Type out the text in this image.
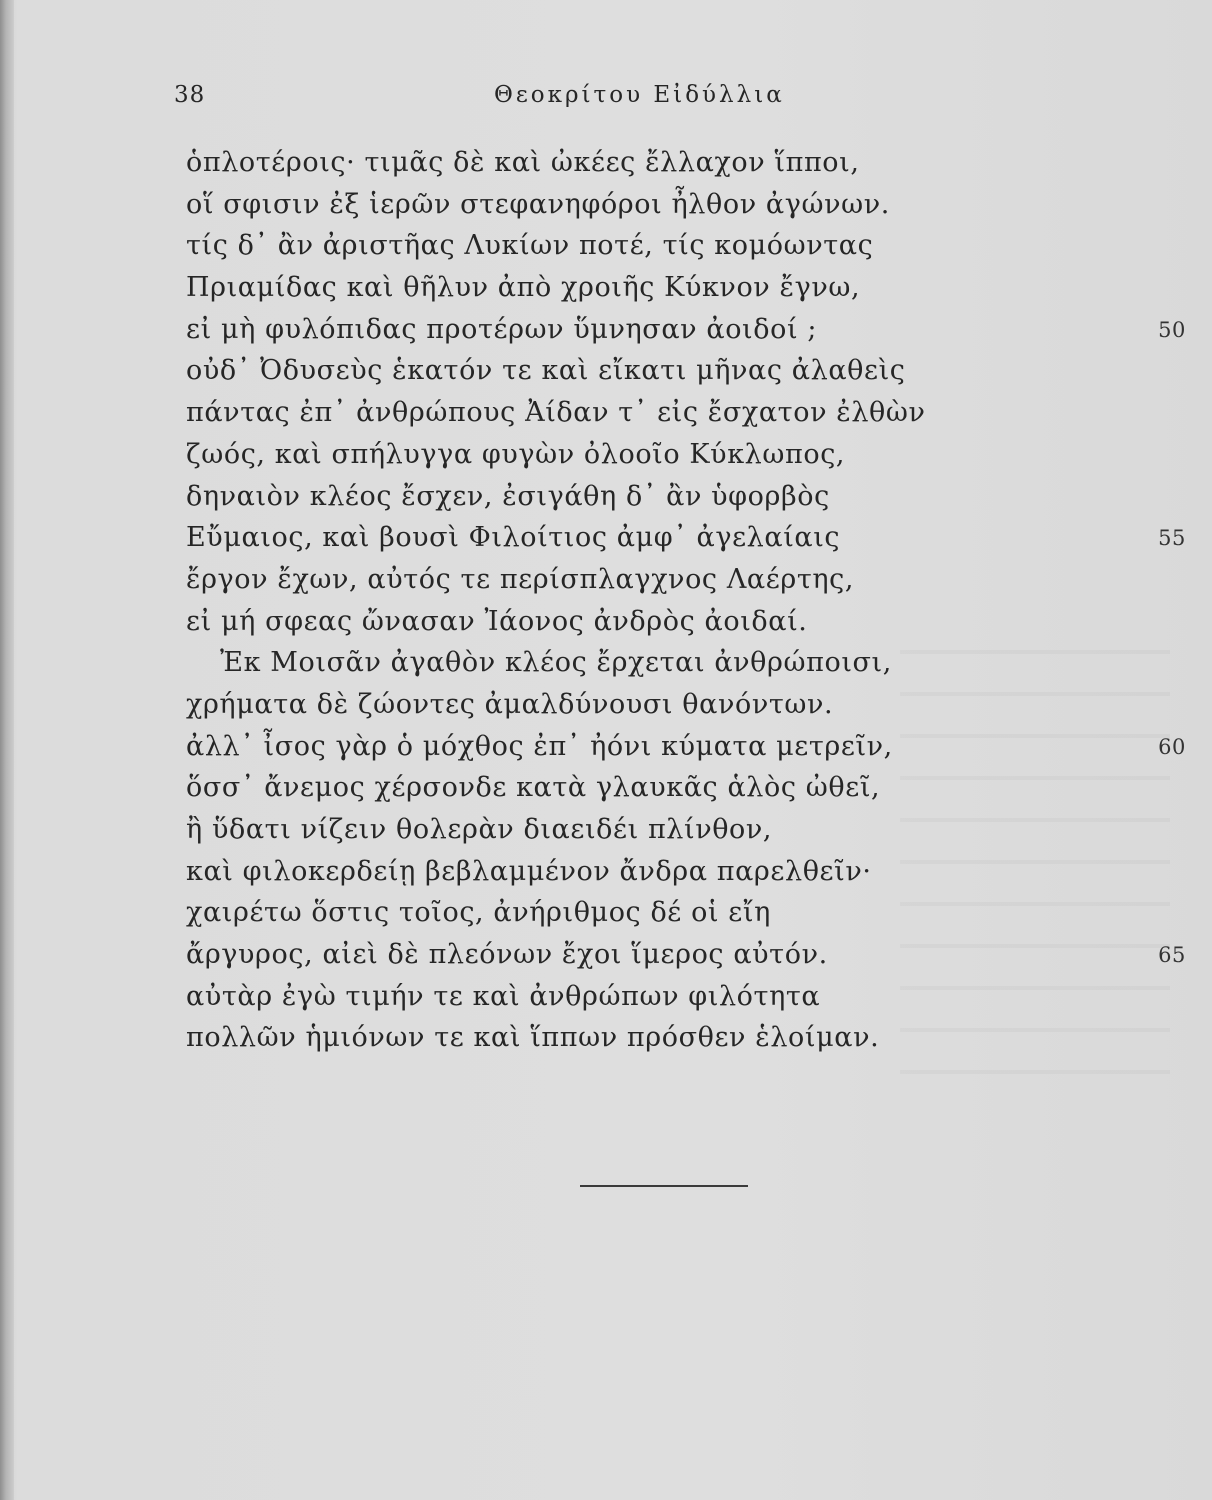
38	Θεοκρίτου Εἰδύλλια
ὁπλοτέροις· τιμᾶς δὲ καὶ ὠκέες ἔλλαχον ἵπποι,
οἵ σφισιν ἐξ ἱερῶν στεφανηφόροι ἦλθον ἀγώνων.
τίς δ᾽ ἂν ἀριστῆας Λυκίων ποτέ, τίς κομόωντας
Πριαμίδας καὶ θῆλυν ἀπὸ χροιῆς Κύκνον ἔγνω,
εἰ μὴ φυλόπιδας προτέρων ὕμνησαν ἀοιδοί ;	50
οὐδ᾽ Ὀδυσεὺς ἑκατόν τε καὶ εἴκατι μῆνας ἀλαθεὶς
πάντας ἐπ᾽ ἀνθρώπους Ἀίδαν τ᾽ εἰς ἔσχατον ἐλθὼν
ζωός, καὶ σπήλυγγα φυγὼν ὀλοοῖο Κύκλωπος,
δηναιὸν κλέος ἔσχεν, ἐσιγάθη δ᾽ ἂν ὑφορβὸς
Εὔμαιος, καὶ βουσὶ Φιλοίτιος ἀμφ᾽ ἀγελαίαις	55
ἔργον ἔχων, αὐτός τε περίσπλαγχνος Λαέρτης,
εἰ μή σφεας ὤνασαν Ἰάονος ἀνδρὸς ἀοιδαί.
Ἐκ Μοισᾶν ἀγαθὸν κλέος ἔρχεται ἀνθρώποισι,
χρήματα δὲ ζώοντες ἀμαλδύνουσι θανόντων.
ἀλλ᾽ ἶσος γὰρ ὁ μόχθος ἐπ᾽ ἠόνι κύματα μετρεῖν,	60
ὅσσ᾽ ἄνεμος χέρσονδε κατὰ γλαυκᾶς ἁλὸς ὠθεῖ,
ἢ ὕδατι νίζειν θολερὰν διαειδέι πλίνθον,
καὶ φιλοκερδείῃ βεβλαμμένον ἄνδρα παρελθεῖν·
χαιρέτω ὅστις τοῖος, ἀνήριθμος δέ οἱ εἴη
ἄργυρος, αἰεὶ δὲ πλεόνων ἔχοι ἵμερος αὐτόν.	65
αὐτὰρ ἐγὼ τιμήν τε καὶ ἀνθρώπων φιλότητα
πολλῶν ἡμιόνων τε καὶ ἵππων πρόσθεν ἑλοίμαν.
